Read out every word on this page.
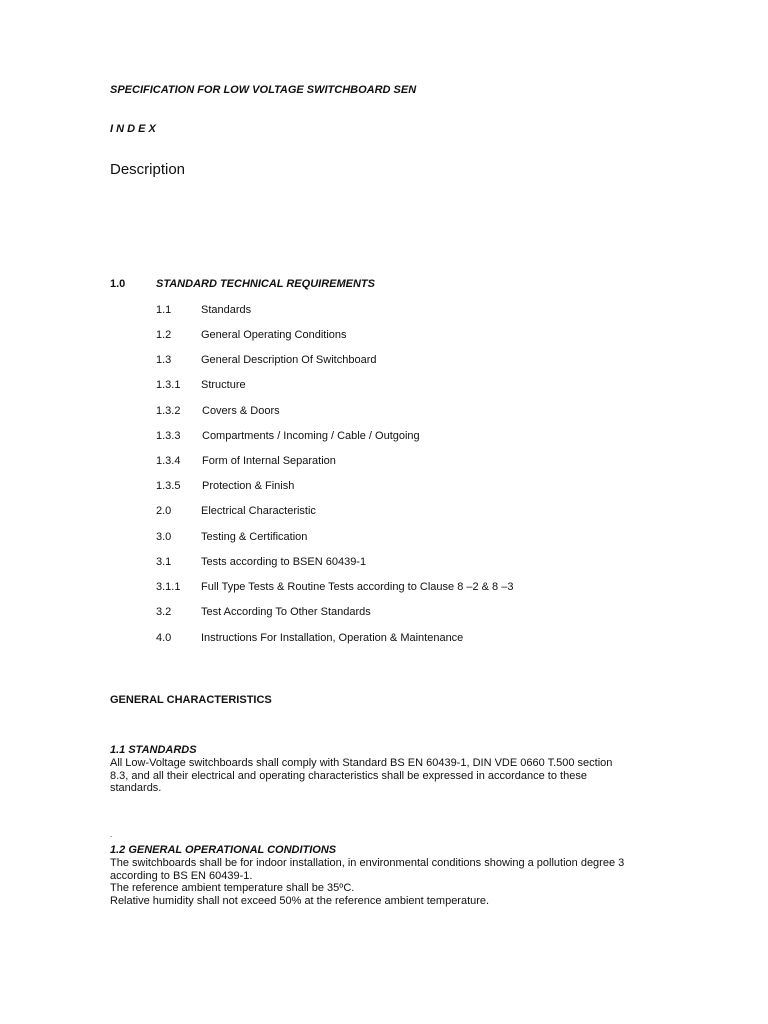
SPECIFICATION FOR LOW VOLTAGE SWITCHBOARD SEN
I N D E X
Description
1.0	STANDARD TECHNICAL REQUIREMENTS
1.1	Standards
1.2	General Operating Conditions
1.3	General Description Of Switchboard
1.3.1 Structure
1.3.2 Covers & Doors
1.3.3 Compartments / Incoming / Cable / Outgoing
1.3.4 Form of Internal Separation
1.3.5 Protection & Finish
2.0	Electrical Characteristic
3.0	Testing & Certification
3.1	Tests according to BSEN 60439-1
3.1.1 Full Type Tests & Routine Tests according to Clause 8 –2 & 8 –3
3.2	Test According To Other Standards
4.0	Instructions For Installation, Operation & Maintenance
GENERAL CHARACTERISTICS
1.1 STANDARDS

All Low-Voltage switchboards shall comply with Standard BS EN 60439-1, DIN VDE 0660 T.500 section

8.3, and all their electrical and operating characteristics shall be expressed in accordance to these

standards.

.
1.2 GENERAL OPERATIONAL CONDITIONS

The switchboards shall be for indoor installation, in environmental conditions showing a pollution degree 3

according to BS EN 60439-1.

The reference ambient temperature shall be 35ºC.

Relative humidity shall not exceed 50% at the reference ambient temperature.
